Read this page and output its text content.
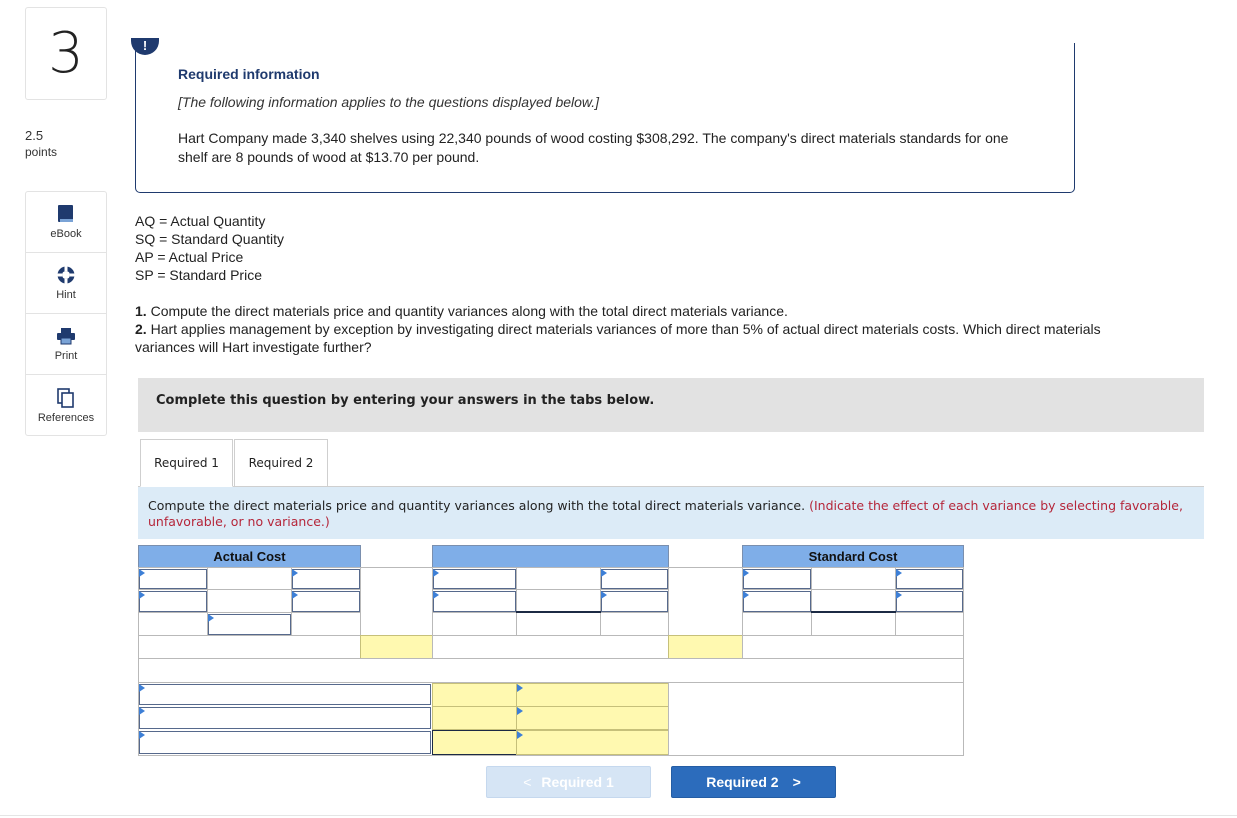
3
2.5
points
eBook
Hint
Print
References
Required information
[The following information applies to the questions displayed below.]
Hart Company made 3,340 shelves using 22,340 pounds of wood costing $308,292. The company's direct materials standards for one shelf are 8 pounds of wood at $13.70 per pound.
!
AQ = Actual Quantity
SQ = Standard Quantity
AP = Actual Price
SP = Standard Price
1. Compute the direct materials price and quantity variances along with the total direct materials variance.
2. Hart applies management by exception by investigating direct materials variances of more than 5% of actual direct materials costs. Which direct materials variances will Hart investigate further?
Complete this question by entering your answers in the tabs below.
Required 1 Required 2
Compute the direct materials price and quantity variances along with the total direct materials variance. (Indicate the effect of each variance by selecting favorable, unfavorable, or no variance.)
Actual Cost	Standard Cost
< Required 1	Required 2 >
